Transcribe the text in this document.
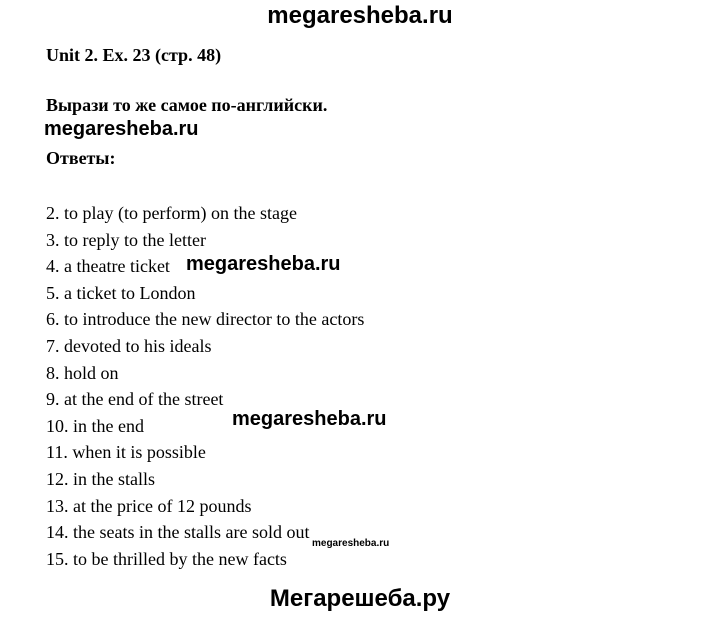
megaresheba.ru
Unit 2. Ex. 23 (стр. 48)
Вырази то же самое по-английски.
megaresheba.ru
Ответы:
2. to play (to perform) on the stage
3. to reply to the letter
4. a theatre ticket
5. a ticket to London
6. to introduce the new director to the actors
7. devoted to his ideals
8. hold on
9. at the end of the street
10. in the end
11. when it is possible
12. in the stalls
13. at the price of 12 pounds
14. the seats in the stalls are sold out
15. to be thrilled by the new facts
megaresheba.ru
megaresheba.ru
megaresheba.ru
Мегарешеба.ру
